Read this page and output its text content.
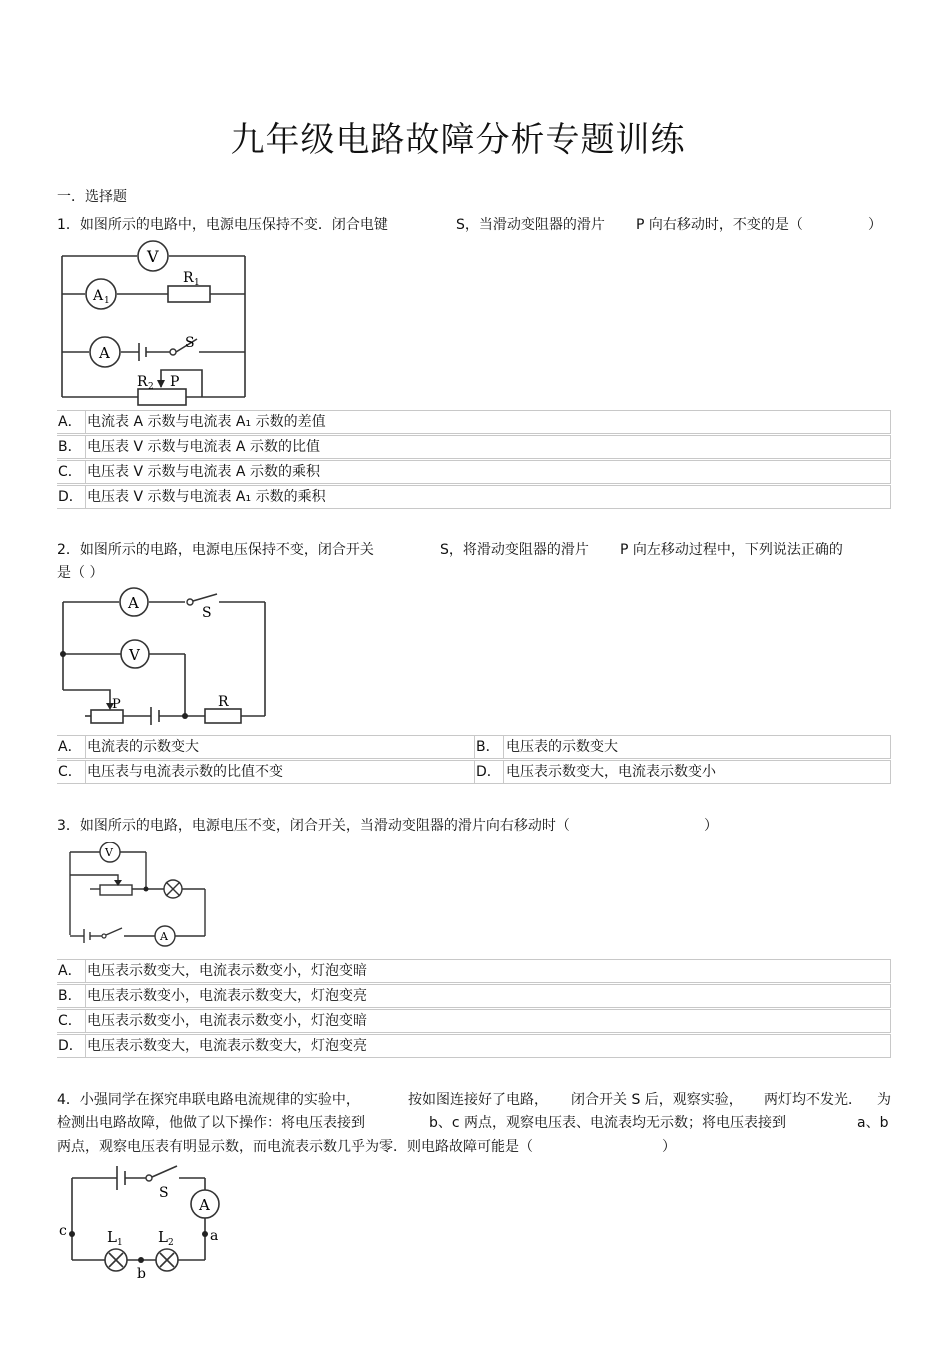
九年级电路故障分析专题训练
一．选择题
1．如图所示的电路中，电源电压保持不变．闭合电键	S，当滑动变阻器的滑片 P 向右移动时，不变的是（	）
V
A 1
A
R 1
S
R 2 P
A． 电流表 A 示数与电流表 A₁ 示数的差值
B． 电压表 V 示数与电流表 A 示数的比值
C． 电压表 V 示数与电流表 A 示数的乘积
D． 电压表 V 示数与电流表 A₁ 示数的乘积
2．如图所示的电路，电源电压保持不变，闭合开关	S，将滑动变阻器的滑片 P 向左移动过程中，下列说法正确的
是（ ）
A
S
V
P	R
A． 电流表的示数变大	B． 电压表的示数变大
C． 电压表与电流表示数的比值不变	D． 电压表示数变大，电流表示数变小
3．如图所示的电路，电源电压不变，闭合开关，当滑动变阻器的滑片向右移动时（	）
V
A
A． 电压表示数变大，电流表示数变小，灯泡变暗
B． 电压表示数变小，电流表示数变大，灯泡变亮
C． 电压表示数变小，电流表示数变小，灯泡变暗
D． 电压表示数变大，电流表示数变大，灯泡变亮
4．小强同学在探究串联电路电流规律的实验中，	按如图连接好了电路， 闭合开关 S 后，观察实验， 两灯均不发光． 为
检测出电路故障，他做了以下操作：将电压表接到	b、c 两点，观察电压表、电流表均无示数；将电压表接到	a、b
两点，观察电压表有明显示数，而电流表示数几乎为零．则电路故障可能是（	）
S
A
a
b
c	L 1 L 2
